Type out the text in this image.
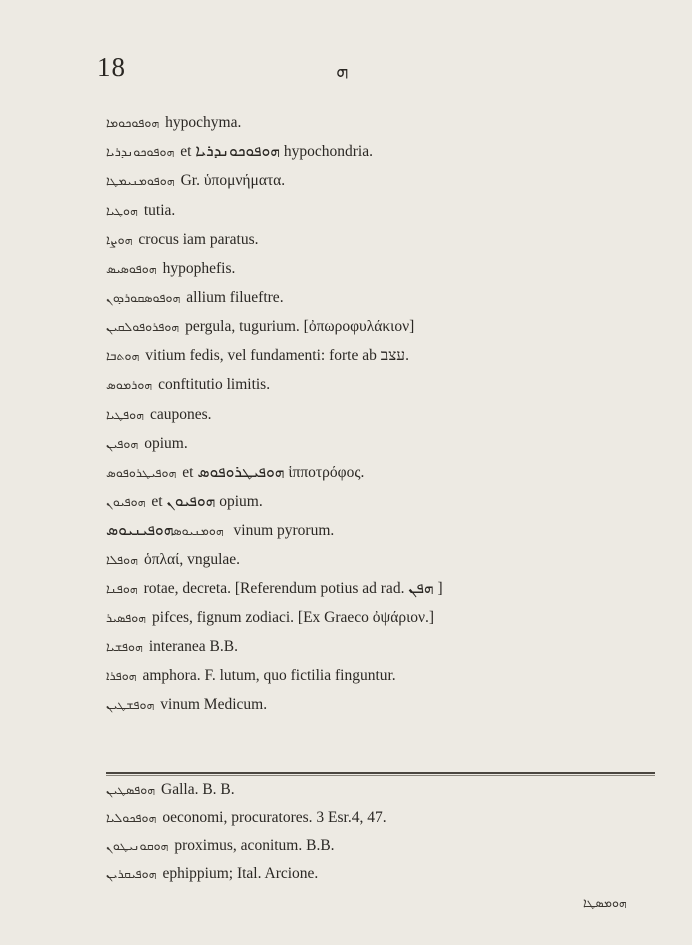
18	ܗ
ܗܘܦܘܟܘܡܐ hypochyma.
ܗܘܦܘܟܘܢܕܪܝܐ et ܗܘܦܘܟܘܢܕܪܝܐ hypochondria.
ܗܘܦܘܡܢܝܡܛܐ Gr. ὑπομνήματα.
ܗܘܛܝܐ tutia.
ܗܘܨܐ crocus iam paratus.
ܗܘܦܘܣܝܣ hypophefis.
ܗܘܦܘܣܩܘܪܕܘܢ allium filueftre.
ܗܘܦܪܘܦܘܠܩܝܢ pergula, tugurium. [ὀπωροφυλάκιον]
ܗܘܬܒܐ vitium fedis, vel fundamenti: forte ab עצב.
ܗܘܪܡܘܣ conftitutio limitis.
ܗܘܦܛܝܐ caupones.
ܗܘܦܝܢ opium.
ܗܘܦܝܛܪܘܦܘܣ et ܗܘܦܝܛܪܘܦܘܣ ἱπποτρόφος.
ܗܘܦܝܘܢ et ܗܘܦܝܘܢ opium.
ܗܘܡܢܝܘܣܗܘܦܝܢܝܘܣ vinum pyrorum.
ܗܘܦܠܐ ὁπλαί, vngulae.
ܗܘܦܢܐ rotae, decreta. [Referendum potius ad rad. ܗܦܢ ]
ܗܘܦܣܝܪ pifces, fignum zodiaci. [Ex Graeco ὀψάριον.]
ܗܘܦܫܝܐ interanea B.B.
ܗܘܦܪܐ amphora. F. lutum, quo fictilia finguntur.
ܗܘܦܫܛܝܢ vinum Medicum.
ܗܘܦܣܛܝܢ Galla. B. B.
ܗܘܦܟܘܠܝܐ oeconomi, procuratores. 3 Esr.4, 47.
ܗܘܩܘܢܝܛܘܢ proximus, aconitum. B.B.
ܗܘܦܝܩܪܝܢ ephippium; Ital. Arcione.
ܗܘܡܣܛܐ
